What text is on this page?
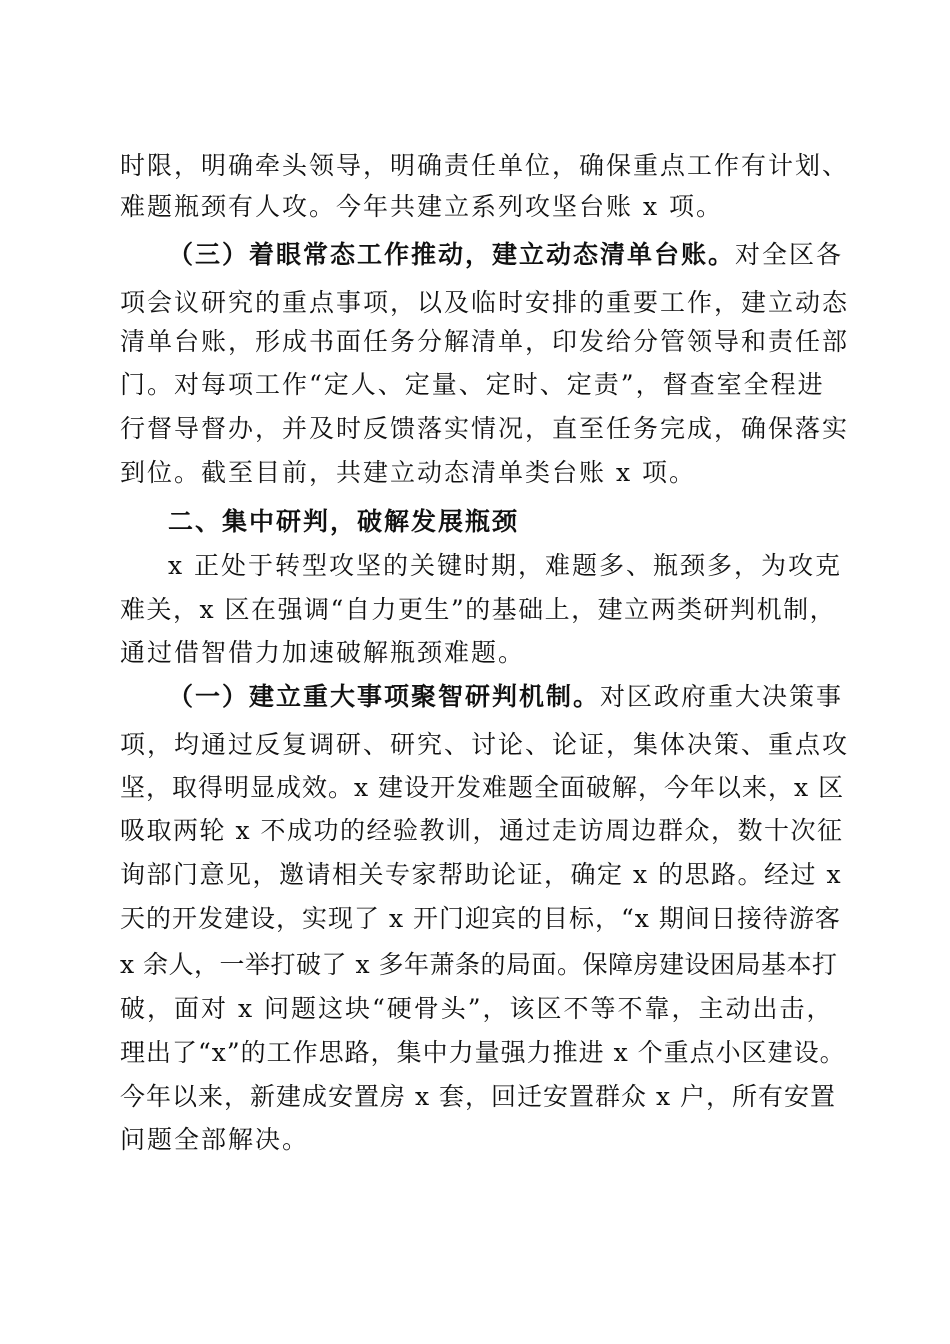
时限，明确牵头领导，明确责任单位，确保重点工作有计划、
难题瓶颈有人攻。今年共建立系列攻坚台账 x 项。
（三）着眼常态工作推动，建立动态清单台账。对全区各
项会议研究的重点事项，以及临时安排的重要工作，建立动态
清单台账，形成书面任务分解清单，印发给分管领导和责任部
门。对每项工作“定人、定量、定时、定责”，督查室全程进
行督导督办，并及时反馈落实情况，直至任务完成，确保落实
到位。截至目前，共建立动态清单类台账 x 项。
二、集中研判，破解发展瓶颈
x 正处于转型攻坚的关键时期，难题多、瓶颈多，为攻克
难关，x 区在强调“自力更生”的基础上，建立两类研判机制，
通过借智借力加速破解瓶颈难题。
（一）建立重大事项聚智研判机制。对区政府重大决策事
项，均通过反复调研、研究、讨论、论证，集体决策、重点攻
坚，取得明显成效。x 建设开发难题全面破解，今年以来，x 区
吸取两轮 x 不成功的经验教训，通过走访周边群众，数十次征
询部门意见，邀请相关专家帮助论证，确定 x 的思路。经过 x
天的开发建设，实现了 x 开门迎宾的目标，“x 期间日接待游客
x 余人，一举打破了 x 多年萧条的局面。保障房建设困局基本打
破，面对 x 问题这块“硬骨头”，该区不等不靠，主动出击，
理出了“x”的工作思路，集中力量强力推进 x 个重点小区建设。
今年以来，新建成安置房 x 套，回迁安置群众 x 户，所有安置
问题全部解决。
